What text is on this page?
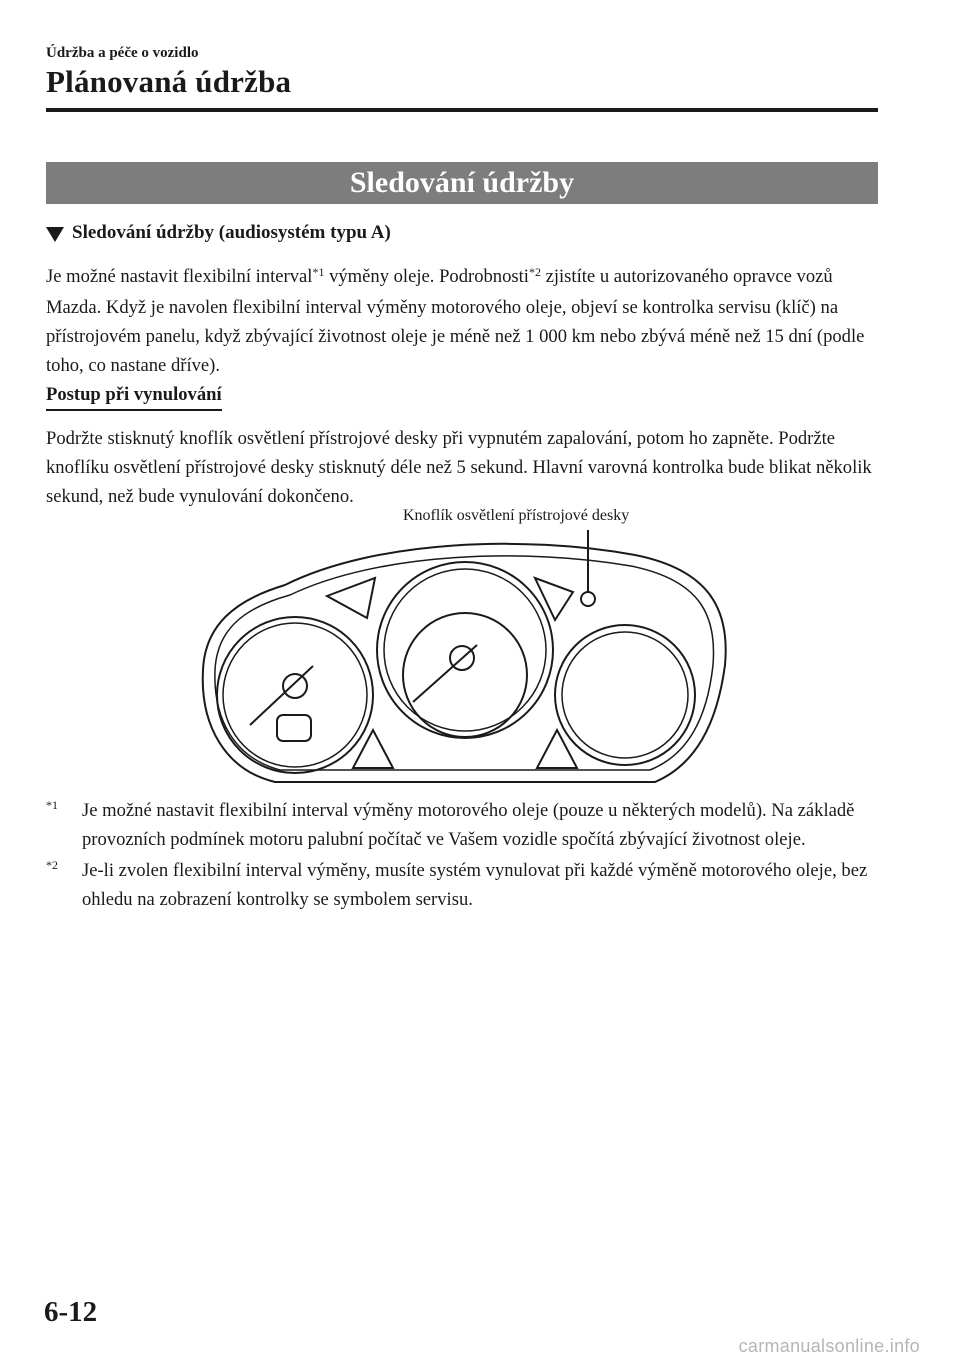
Údržba a péče o vozidlo
Plánovaná údržba
Sledování údržby
Sledování údržby (audiosystém typu A)
Je možné nastavit flexibilní interval$^{*1}$ výměny oleje. Podrobnosti$^{*2}$ zjistíte u autorizovaného opravce vozů Mazda. Když je navolen flexibilní interval výměny motorového oleje, objeví se kontrolka servisu (klíč) na přístrojovém panelu, když zbývající životnost oleje je méně než 1 000 km nebo zbývá méně než 15 dní (podle toho, co nastane dříve).
Postup při vynulování
Podržte stisknutý knoflík osvětlení přístrojové desky při vypnutém zapalování, potom ho zapněte. Podržte knoflíku osvětlení přístrojové desky stisknutý déle než 5 sekund. Hlavní varovná kontrolka bude blikat několik sekund, než bude vynulování dokončeno.
Knoflík osvětlení přístrojové desky
$^{*1}$	Je možné nastavit flexibilní interval výměny motorového oleje (pouze u některých modelů). Na základě provozních podmínek motoru palubní počítač ve Vašem vozidle spočítá zbývající životnost oleje.
$^{*2}$	Je-li zvolen flexibilní interval výměny, musíte systém vynulovat při každé výměně motorového oleje, bez ohledu na zobrazení kontrolky se symbolem servisu.
6-12
carmanualsonline.info
